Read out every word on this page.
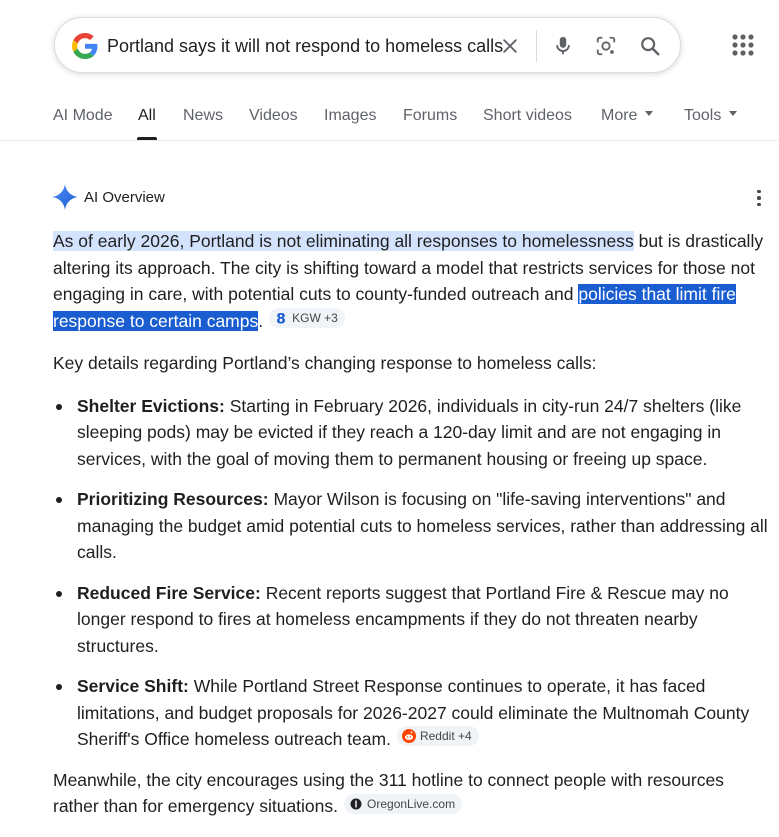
Portland says it will not respond to homeless calls
AI Mode All News Videos Images Forums Short videos More	Tools
AI Overview

As of early 2026, Portland is not eliminating all responses to homelessness but is drastically altering its approach. The city is shifting toward a model that restricts services for those not engaging in care, with potential cuts to county-funded outreach and policies that limit fire response to certain camps. 8 KGW
+3

Key details regarding Portland’s changing response to homeless calls:

Shelter Evictions: Starting in February 2026, individuals in city-run 24/7 shelters (like sleeping pods) may be evicted if they reach a 120-day limit and are not engaging in services, with the goal of moving them to permanent housing or freeing up space.
Prioritizing Resources: Mayor Wilson is focusing on "life-saving interventions" and managing the budget amid potential cuts to homeless services, rather than addressing all calls.
Reduced Fire Service: Recent reports suggest that Portland Fire & Rescue may no longer respond to fires at homeless encampments if they do not threaten nearby structures.
Service Shift: While Portland Street Response continues to operate, it has faced limitations, and budget proposals for 2026-2027 could eliminate the Multnomah County Sheriff's Office homeless outreach team. Reddit
+4

Meanwhile, the city encourages using the 311 hotline to connect people with resources rather than for emergency situations. OregonLive.com
